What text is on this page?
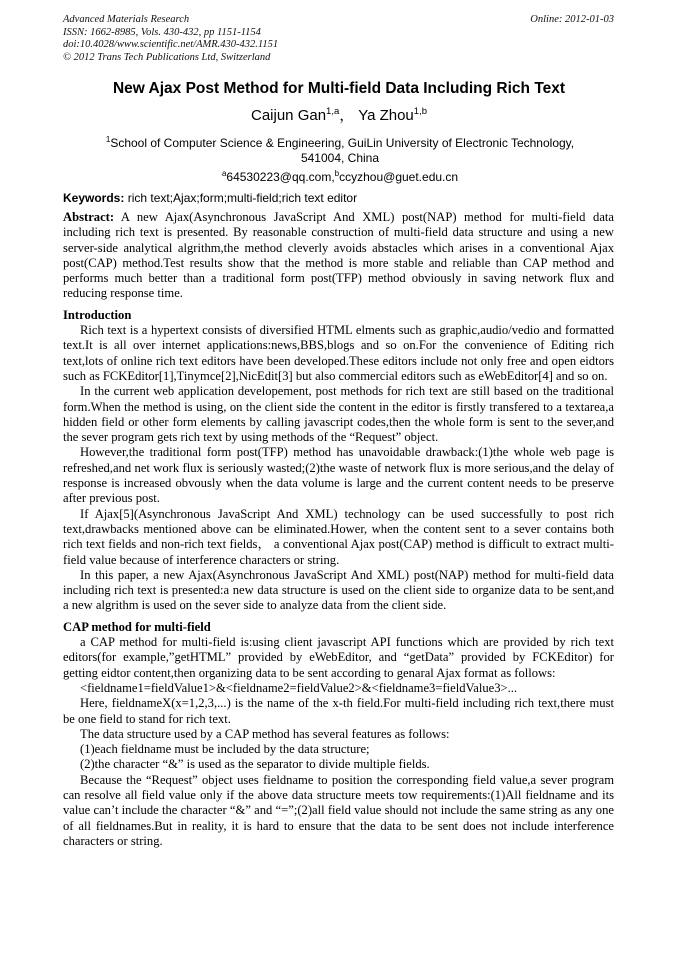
Advanced Materials Research
ISSN: 1662-8985, Vols. 430-432, pp 1151-1154
doi:10.4028/www.scientific.net/AMR.430-432.1151
© 2012 Trans Tech Publications Ltd, Switzerland
Online: 2012-01-03
New Ajax Post Method for Multi-field Data Including Rich Text
Caijun Gan$^{1,a}$， Ya Zhou$^{1,b}$
$^1$School of Computer Science & Engineering, GuiLin University of Electronic Technology,
541004, China
$^a$64530223@qq.com,$^b$ccyzhou@guet.edu.cn
Keywords: rich text;Ajax;form;multi-field;rich text editor

Abstract: A new Ajax(Asynchronous JavaScript And XML) post(NAP) method for multi-field data including rich text is presented. By reasonable construction of multi-field data structure and using a new server-side analytical algrithm,the method cleverly avoids abstacles which arises in a conventional Ajax post(CAP) method.Test results show that the method is more stable and reliable than CAP method and performs much better than a traditional form post(TFP) method obviously in saving network flux and reducing response time.

Introduction

Rich text is a hypertext consists of diversified HTML elments such as graphic,audio/vedio and formatted text.It is all over internet applications:news,BBS,blogs and so on.For the convenience of Editing rich text,lots of online rich text editors have been developed.These editors include not only free and open eidtors such as FCKEditor[1],Tinymce[2],NicEdit[3] but also commercial editors such as eWebEditor[4] and so on.

In the current web application developement, post methods for rich text are still based on the traditional form.When the method is using, on the client side the content in the editor is firstly transfered to a textarea,a hidden field or other form elements by calling javascript codes,then the whole form is sent to the sever,and the sever program gets rich text by using methods of the “Request” object.

However,the traditional form post(TFP) method has unavoidable drawback:(1)the whole web page is refreshed,and net work flux is seriously wasted;(2)the waste of network flux is more serious,and the delay of response is increased obvously when the data volume is large and the current content needs to be preserve after previous post.

If Ajax[5](Asynchronous JavaScript And XML) technology can be used successfully to post rich text,drawbacks mentioned above can be eliminated.Hower, when the content sent to a sever contains both rich text fields and non-rich text fields， a conventional Ajax post(CAP) method is difficult to extract multi-field value because of interference characters or string.

In this paper, a new Ajax(Asynchronous JavaScript And XML) post(NAP) method for multi-field data including rich text is presented:a new data structure is used on the client side to organize data to be sent,and a new algrithm is used on the sever side to analyze data from the client side.

CAP method for multi-field

a CAP method for multi-field is:using client javascript API functions which are provided by rich text editors(for example,”getHTML” provided by eWebEditor, and “getData” provided by FCKEditor) for getting eidtor content,then organizing data to be sent according to genaral Ajax format as follows:

<fieldname1=fieldValue1>&<fieldname2=fieldValue2>&<fieldname3=fieldValue3>...

Here, fieldnameX(x=1,2,3,...) is the name of the x-th field.For multi-field including rich text,there must be one field to stand for rich text.

The data structure used by a CAP method has several features as follows:

(1)each fieldname must be included by the data structure;

(2)the character “&” is used as the separator to divide multiple fields.

Because the “Request” object uses fieldname to position the corresponding field value,a sever program can resolve all field value only if the above data structure meets tow requirements:(1)All fieldname and its value can’t include the character “&” and “=”;(2)all field value should not include the same string as any one of all fieldnames.But in reality, it is hard to ensure that the data to be sent does not include interference characters or string.
